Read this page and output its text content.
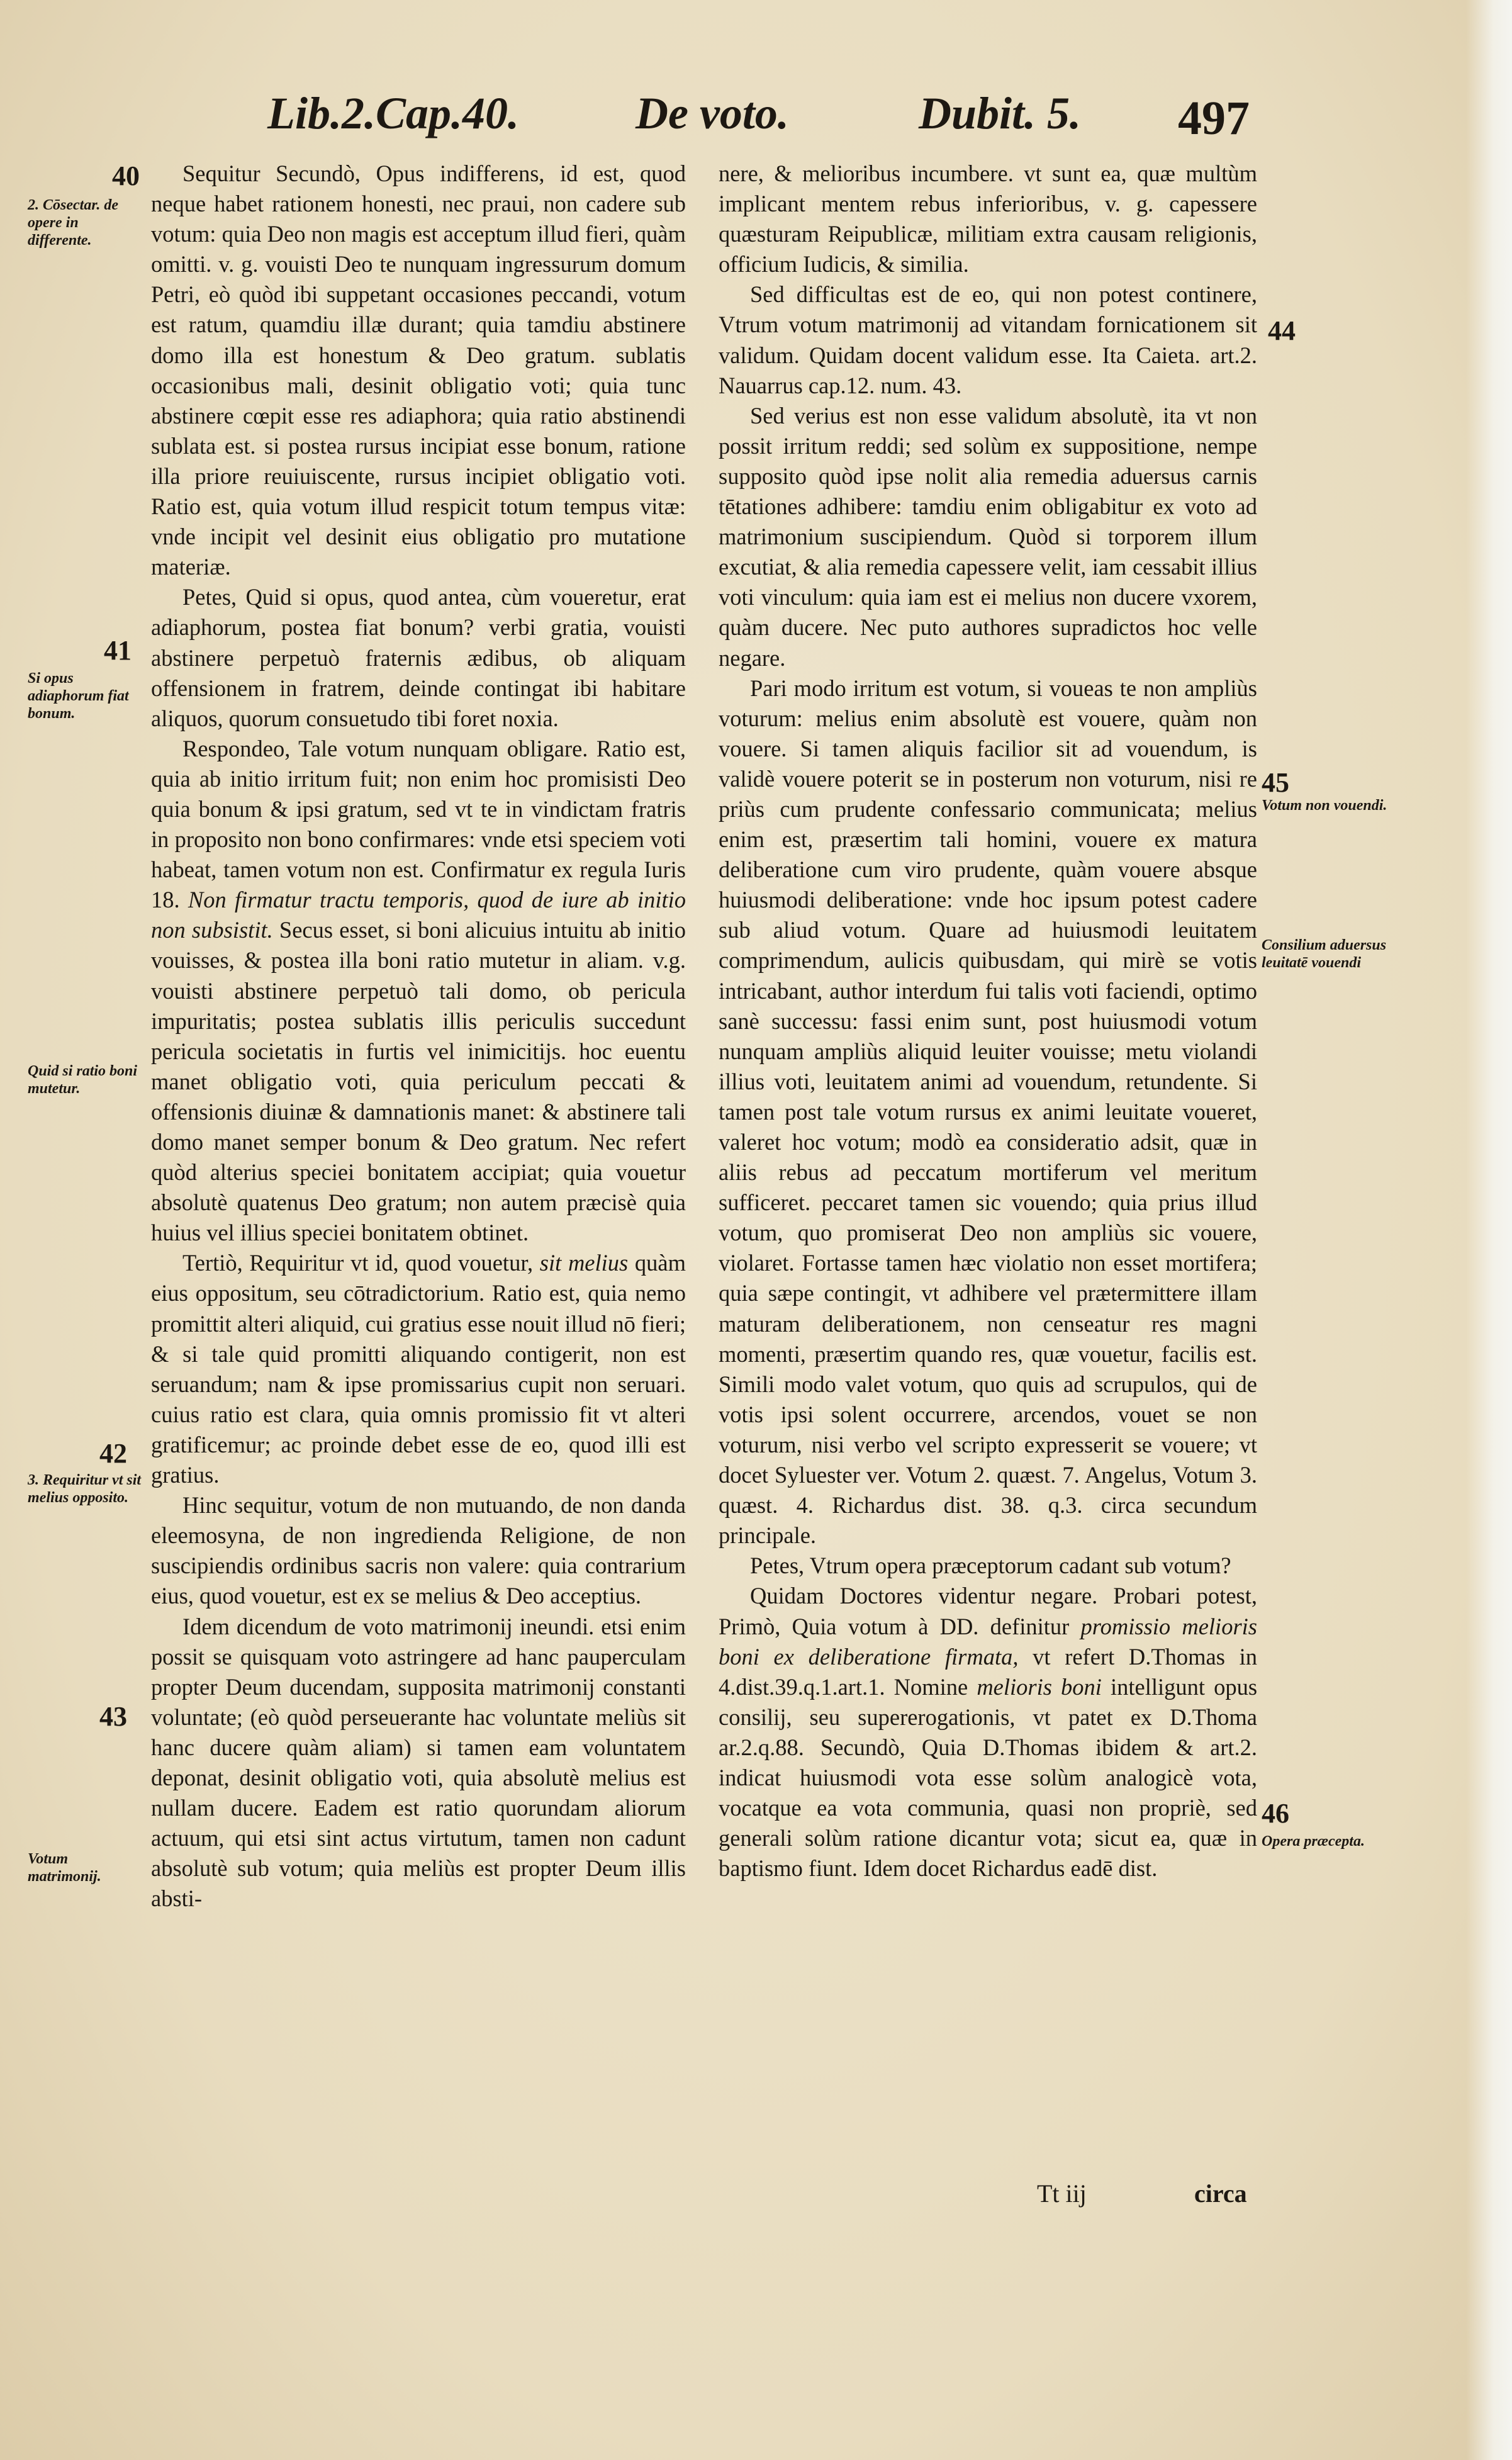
Lib.2.Cap.40.	De voto.	Dubit. 5. 497
40
2. Cōsectar. de opere in differente.
41
Si opus adiaphorum fiat bonum.
Quid si ratio boni mutetur.
42
3. Requiritur vt sit melius opposito.
43
Votum matrimonij.

Sequitur Secundò, Opus indifferens, id est, quod neque habet rationem honesti, nec praui, non cadere sub votum: quia Deo non magis est acceptum illud fieri, quàm omitti. v. g. vouisti Deo te nunquam ingressurum domum Petri, eò quòd ibi suppetant occasiones peccandi, votum est ratum, quamdiu illæ durant; quia tamdiu abstinere domo illa est honestum & Deo gratum. sublatis occasionibus mali, desinit obligatio voti; quia tunc abstinere cœpit esse res adiaphora; quia ratio abstinendi sublata est. si postea rursus incipiat esse bonum, ratione illa priore reuiuiscente, rursus incipiet obligatio voti. Ratio est, quia votum illud respicit totum tempus vitæ: vnde incipit vel desinit eius obligatio pro mutatione materiæ.

Petes, Quid si opus, quod antea, cùm voueretur, erat adiaphorum, postea fiat bonum? verbi gratia, vouisti abstinere perpetuò fraternis ædibus, ob aliquam offensionem in fratrem, deinde contingat ibi habitare aliquos, quorum consuetudo tibi foret noxia.

Respondeo, Tale votum nunquam obligare. Ratio est, quia ab initio irritum fuit; non enim hoc promisisti Deo quia bonum & ipsi gratum, sed vt te in vindictam fratris in proposito non bono confirmares: vnde etsi speciem voti habeat, tamen votum non est. Confirmatur ex regula Iuris 18. Non firmatur tractu temporis, quod de iure ab initio non subsistit. Secus esset, si boni alicuius intuitu ab initio vouisses, & postea illa boni ratio mutetur in aliam. v.g. vouisti abstinere perpetuò tali domo, ob pericula impuritatis; postea sublatis illis periculis succedunt pericula societatis in furtis vel inimicitijs. hoc euentu manet obligatio voti, quia periculum peccati & offensionis diuinæ & damnationis manet: & abstinere tali domo manet semper bonum & Deo gratum. Nec refert quòd alterius speciei bonitatem accipiat; quia vouetur absolutè quatenus Deo gratum; non autem præcisè quia huius vel illius speciei bonitatem obtinet.

Tertiò, Requiritur vt id, quod vouetur, sit melius quàm eius oppositum, seu cōtradictorium. Ratio est, quia nemo promittit alteri aliquid, cui gratius esse nouit illud nō fieri; & si tale quid promitti aliquando contigerit, non est seruandum; nam & ipse promissarius cupit non seruari. cuius ratio est clara, quia omnis promissio fit vt alteri gratificemur; ac proinde debet esse de eo, quod illi est gratius.

Hinc sequitur, votum de non mutuando, de non danda eleemosyna, de non ingredienda Religione, de non suscipiendis ordinibus sacris non valere: quia contrarium eius, quod vouetur, est ex se melius & Deo acceptius.

Idem dicendum de voto matrimonij ineundi. etsi enim possit se quisquam voto astringere ad hanc pauperculam propter Deum ducendam, supposita matrimonij constanti voluntate; (eò quòd perseuerante hac voluntate meliùs sit hanc ducere quàm aliam) si tamen eam voluntatem deponat, desinit obligatio voti, quia absolutè melius est nullam ducere. Eadem est ratio quorundam aliorum actuum, qui etsi sint actus virtutum, tamen non cadunt absolutè sub votum; quia meliùs est propter Deum illis absti-

nere, & melioribus incumbere. vt sunt ea, quæ multùm implicant mentem rebus inferioribus, v. g. capessere quæsturam Reipublicæ, militiam extra causam religionis, officium Iudicis, & similia.

Sed difficultas est de eo, qui non potest continere, Vtrum votum matrimonij ad vitandam fornicationem sit validum. Quidam docent validum esse. Ita Caieta. art.2. Nauarrus cap.12. num. 43.

Sed verius est non esse validum absolutè, ita vt non possit irritum reddi; sed solùm ex suppositione, nempe supposito quòd ipse nolit alia remedia aduersus carnis tētationes adhibere: tamdiu enim obligabitur ex voto ad matrimonium suscipiendum. Quòd si torporem illum excutiat, & alia remedia capessere velit, iam cessabit illius voti vinculum: quia iam est ei melius non ducere vxorem, quàm ducere. Nec puto authores supradictos hoc velle negare.

Pari modo irritum est votum, si voueas te non ampliùs voturum: melius enim absolutè est vouere, quàm non vouere. Si tamen aliquis facilior sit ad vouendum, is validè vouere poterit se in posterum non voturum, nisi re priùs cum prudente confessario communicata; melius enim est, præsertim tali homini, vouere ex matura deliberatione cum viro prudente, quàm vouere absque huiusmodi deliberatione: vnde hoc ipsum potest cadere sub aliud votum. Quare ad huiusmodi leuitatem comprimendum, aulicis quibusdam, qui mirè se votis intricabant, author interdum fui talis voti faciendi, optimo sanè successu: fassi enim sunt, post huiusmodi votum nunquam ampliùs aliquid leuiter vouisse; metu violandi illius voti, leuitatem animi ad vouendum, retundente. Si tamen post tale votum rursus ex animi leuitate voueret, valeret hoc votum; modò ea consideratio adsit, quæ in aliis rebus ad peccatum mortiferum vel meritum sufficeret. peccaret tamen sic vouendo; quia prius illud votum, quo promiserat Deo non ampliùs sic vouere, violaret. Fortasse tamen hæc violatio non esset mortifera; quia sæpe contingit, vt adhibere vel prætermittere illam maturam deliberationem, non censeatur res magni momenti, præsertim quando res, quæ vouetur, facilis est. Simili modo valet votum, quo quis ad scrupulos, qui de votis ipsi solent occurrere, arcendos, vouet se non voturum, nisi verbo vel scripto expresserit se vouere; vt docet Syluester ver. Votum 2. quæst. 7. Angelus, Votum 3. quæst. 4. Richardus dist. 38. q.3. circa secundum principale.

Petes, Vtrum opera præceptorum cadant sub votum?

Quidam Doctores videntur negare. Probari potest, Primò, Quia votum à DD. definitur promissio melioris boni ex deliberatione firmata, vt refert D.Thomas in 4.dist.39.q.1.art.1. Nomine melioris boni intelligunt opus consilij, seu supererogationis, vt patet ex D.Thoma ar.2.q.88. Secundò, Quia D.Thomas ibidem & art.2. indicat huiusmodi vota esse solùm analogicè vota, vocatque ea vota communia, quasi non propriè, sed generali solùm ratione dicantur vota; sicut ea, quæ in baptismo fiunt. Idem docet Richardus eadē dist.

44
45
Votum non vouendi.
Consilium aduersus leuitatē vouendi
46
Opera præcepta.
Tt iij	circa
